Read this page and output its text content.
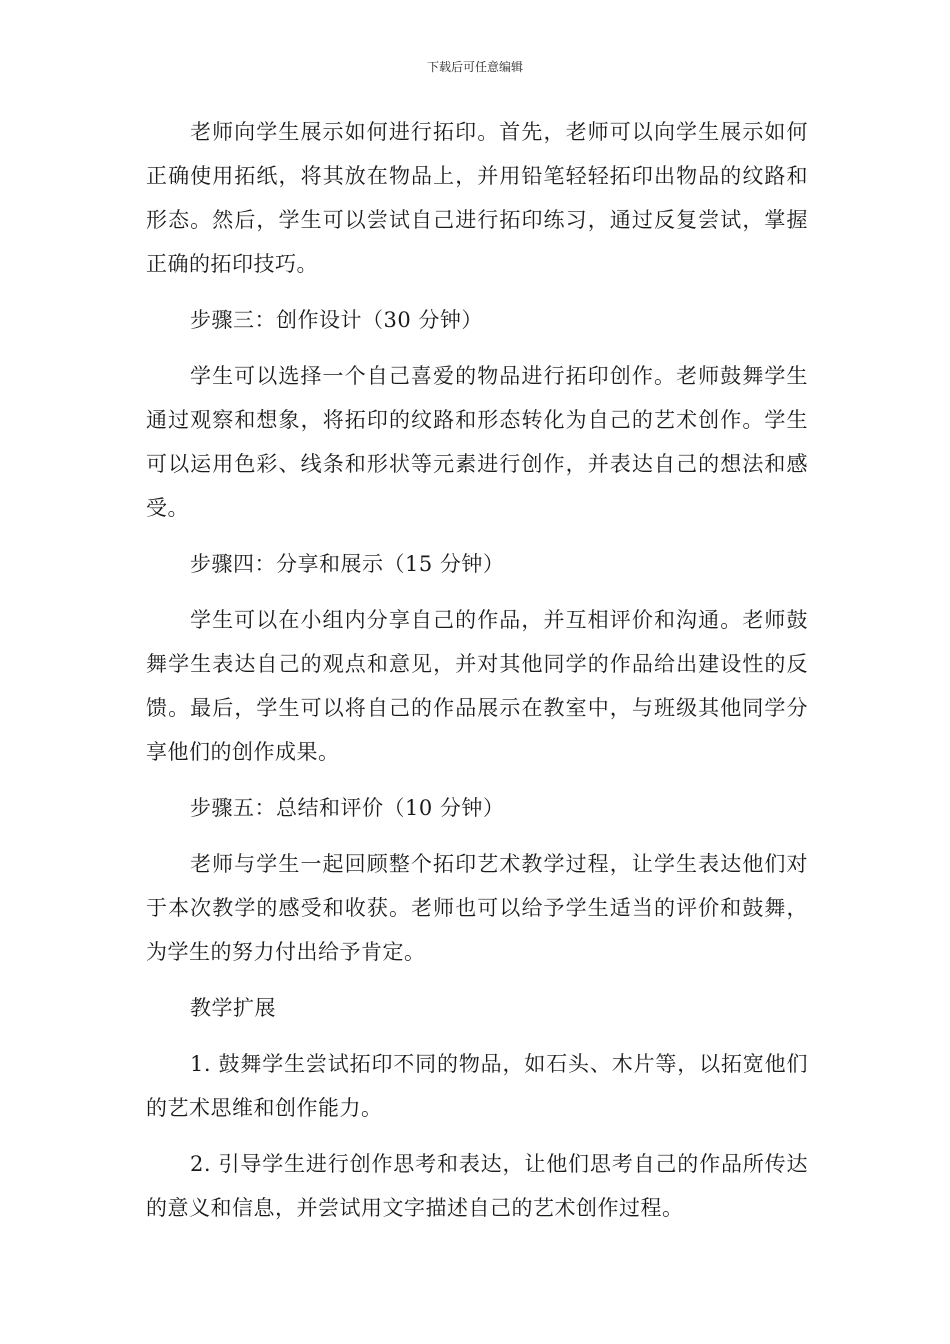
下载后可任意编辑

老师向学生展示如何进行拓印。首先，老师可以向学生展示如何正确使用拓纸，将其放在物品上，并用铅笔轻轻拓印出物品的纹路和形态。然后，学生可以尝试自己进行拓印练习，通过反复尝试，掌握正确的拓印技巧。

步骤三：创作设计（30 分钟）

学生可以选择一个自己喜爱的物品进行拓印创作。老师鼓舞学生通过观察和想象，将拓印的纹路和形态转化为自己的艺术创作。学生可以运用色彩、线条和形状等元素进行创作，并表达自己的想法和感受。

步骤四：分享和展示（15 分钟）

学生可以在小组内分享自己的作品，并互相评价和沟通。老师鼓舞学生表达自己的观点和意见，并对其他同学的作品给出建设性的反馈。最后，学生可以将自己的作品展示在教室中，与班级其他同学分享他们的创作成果。

步骤五：总结和评价（10 分钟）

老师与学生一起回顾整个拓印艺术教学过程，让学生表达他们对于本次教学的感受和收获。老师也可以给予学生适当的评价和鼓舞，为学生的努力付出给予肯定。

教学扩展

1. 鼓舞学生尝试拓印不同的物品，如石头、木片等，以拓宽他们的艺术思维和创作能力。

2. 引导学生进行创作思考和表达，让他们思考自己的作品所传达的意义和信息，并尝试用文字描述自己的艺术创作过程。
